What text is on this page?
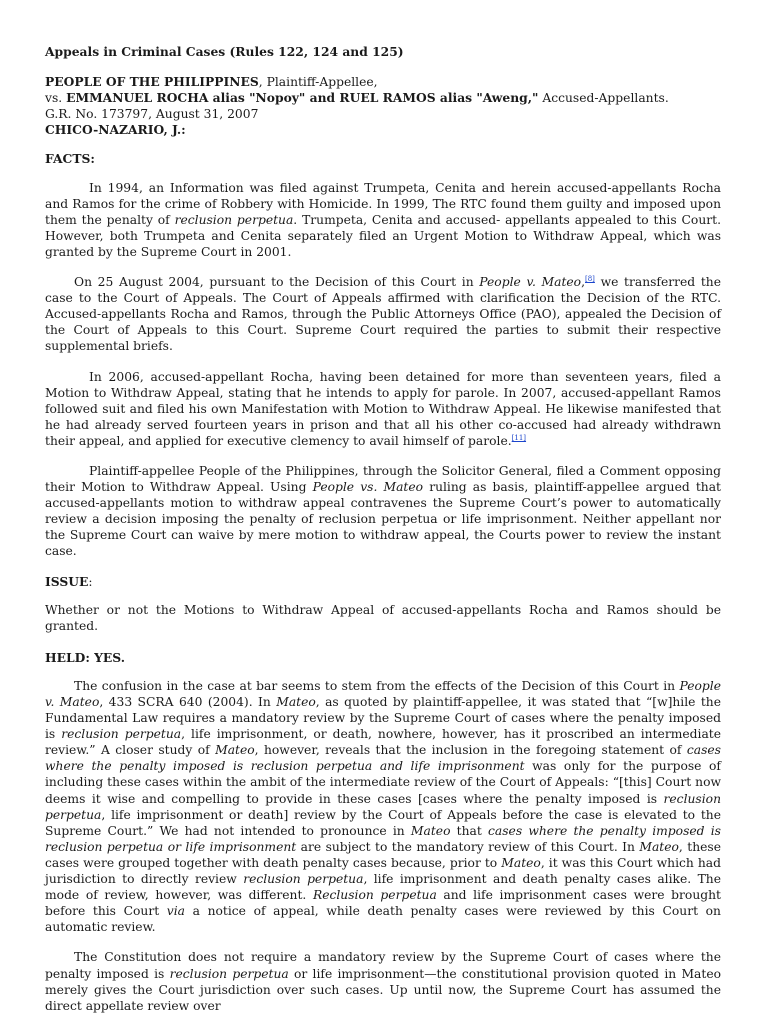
Appeals in Criminal Cases (Rules 122, 124 and 125)
PEOPLE OF THE PHILIPPINES, Plaintiff-Appellee,
vs. EMMANUEL ROCHA alias "Nopoy" and RUEL RAMOS alias "Aweng," Accused-Appellants.
G.R. No. 173797, August 31, 2007
CHICO-NAZARIO, J.:
FACTS:

In 1994, an Information was filed against Trumpeta, Cenita and herein accused-appellants Rocha and Ramos for the crime of Robbery with Homicide. In 1999, The RTC found them guilty and imposed upon them the penalty of reclusion perpetua. Trumpeta, Cenita and accused- appellants appealed to this Court. However, both Trumpeta and Cenita separately filed an Urgent Motion to Withdraw Appeal, which was granted by the Supreme Court in 2001.

On 25 August 2004, pursuant to the Decision of this Court in People v. Mateo,[8] we transferred the case to the Court of Appeals. The Court of Appeals affirmed with clarification the Decision of the RTC. Accused-appellants Rocha and Ramos, through the Public Attorneys Office (PAO), appealed the Decision of the Court of Appeals to this Court. Supreme Court required the parties to submit their respective supplemental briefs.

In 2006, accused-appellant Rocha, having been detained for more than seventeen years, filed a Motion to Withdraw Appeal, stating that he intends to apply for parole. In 2007, accused-appellant Ramos followed suit and filed his own Manifestation with Motion to Withdraw Appeal. He likewise manifested that he had already served fourteen years in prison and that all his other co-accused had already withdrawn their appeal, and applied for executive clemency to avail himself of parole.[11]

Plaintiff-appellee People of the Philippines, through the Solicitor General, filed a Comment opposing their Motion to Withdraw Appeal. Using People vs. Mateo ruling as basis, plaintiff-appellee argued that accused-appellants motion to withdraw appeal contravenes the Supreme Court’s power to automatically review a decision imposing the penalty of reclusion perpetua or life imprisonment. Neither appellant nor the Supreme Court can waive by mere motion to withdraw appeal, the Courts power to review the instant case.

ISSUE:

Whether or not the Motions to Withdraw Appeal of accused-appellants Rocha and Ramos should be granted.

HELD: YES.

The confusion in the case at bar seems to stem from the effects of the Decision of this Court in People v. Mateo, 433 SCRA 640 (2004). In Mateo, as quoted by plaintiff-appellee, it was stated that “[w]hile the Fundamental Law requires a mandatory review by the Supreme Court of cases where the penalty imposed is reclusion perpetua, life imprisonment, or death, nowhere, however, has it proscribed an intermediate review.” A closer study of Mateo, however, reveals that the inclusion in the foregoing statement of cases where the penalty imposed is reclusion perpetua and life imprisonment was only for the purpose of including these cases within the ambit of the intermediate review of the Court of Appeals: “[this] Court now deems it wise and compelling to provide in these cases [cases where the penalty imposed is reclusion perpetua, life imprisonment or death] review by the Court of Appeals before the case is elevated to the Supreme Court.” We had not intended to pronounce in Mateo that cases where the penalty imposed is reclusion perpetua or life imprisonment are subject to the mandatory review of this Court. In Mateo, these cases were grouped together with death penalty cases because, prior to Mateo, it was this Court which had jurisdiction to directly review reclusion perpetua, life imprisonment and death penalty cases alike. The mode of review, however, was different. Reclusion perpetua and life imprisonment cases were brought before this Court via a notice of appeal, while death penalty cases were reviewed by this Court on automatic review.

The Constitution does not require a mandatory review by the Supreme Court of cases where the penalty imposed is reclusion perpetua or life imprisonment—the constitutional provision quoted in Mateo merely gives the Court jurisdiction over such cases. Up until now, the Supreme Court has assumed the direct appellate review over
